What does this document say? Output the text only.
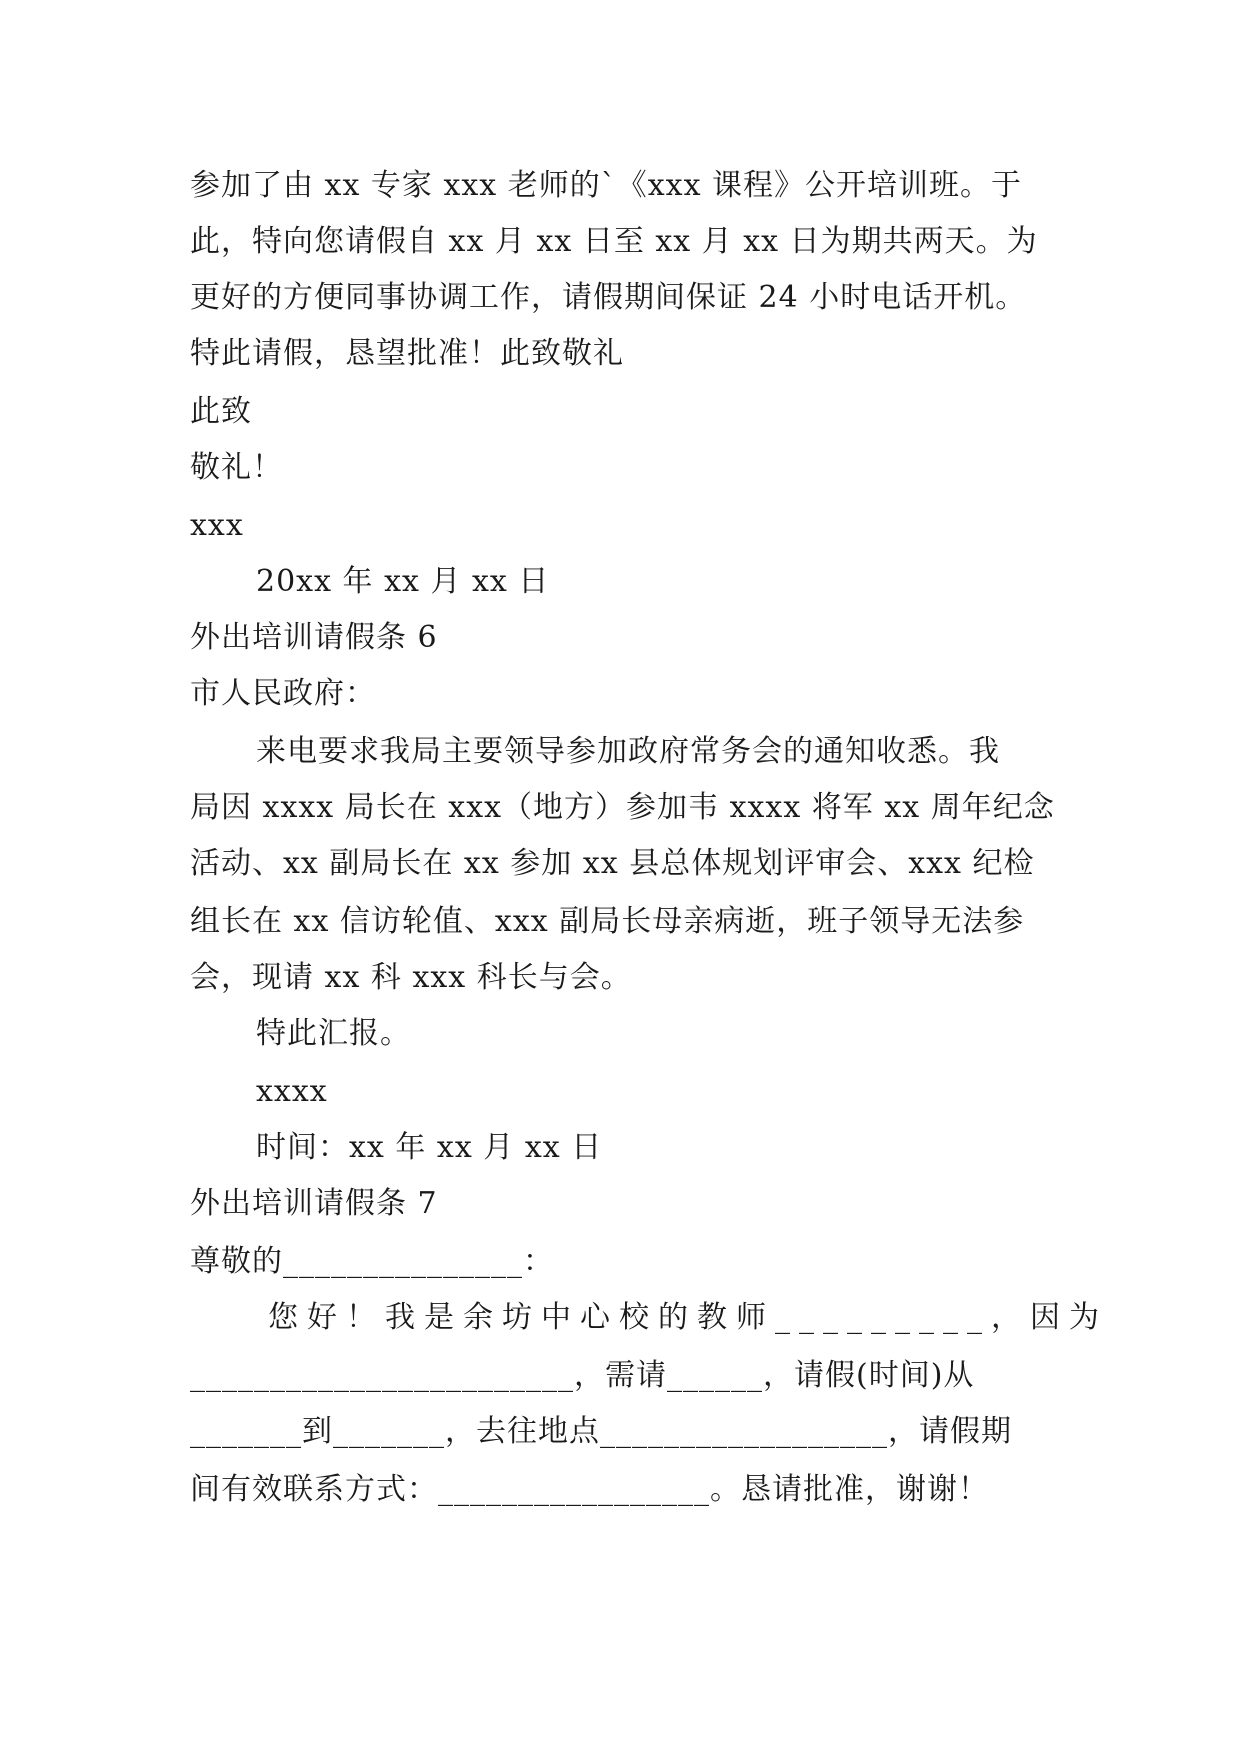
参加了由 xx 专家 xxx 老师的`《xxx 课程》公开培训班。于
此，特向您请假自 xx 月 xx 日至 xx 月 xx 日为期共两天。为
更好的方便同事协调工作，请假期间保证 24 小时电话开机。
特此请假，恳望批准！此致敬礼
此致
敬礼！
xxx
20xx 年 xx 月 xx 日
外出培训请假条 6
市人民政府：
来电要求我局主要领导参加政府常务会的通知收悉。我
局因 xxxx 局长在 xxx（地方）参加韦 xxxx 将军 xx 周年纪念
活动、xx 副局长在 xx 参加 xx 县总体规划评审会、xxx 纪检
组长在 xx 信访轮值、xxx 副局长母亲病逝，班子领导无法参
会，现请 xx 科 xxx 科长与会。
特此汇报。
xxxx
时间：xx 年 xx 月 xx 日
外出培训请假条 7
尊敬的_______________：
您好！我是余坊中心校的教师_________，因为
________________________，需请______，请假(时间)从
_______到_______，去往地点__________________，请假期
间有效联系方式：_________________。恳请批准，谢谢！
